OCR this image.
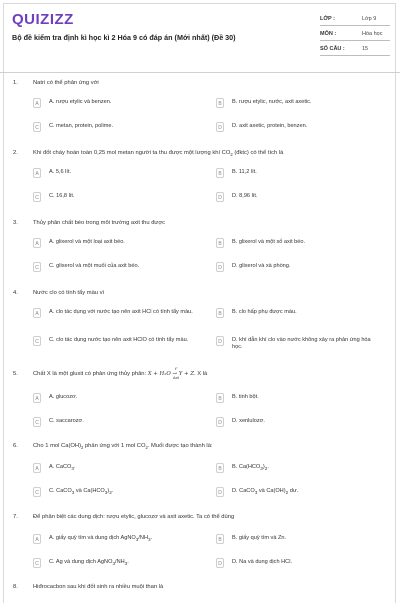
QUIZIZZ
Bộ đề kiểm tra định kì học kì 2 Hóa 9 có đáp án (Mới nhất) (Đề 30)
LỚP :	Lớp 9
MÔN :	Hóa học
SỐ CÂU :	15
1.	Natri có thể phản ứng với
A	A. rượu etylic và benzen.	B	B. rượu etylic, nước, axit axetic.
C	C. metan, protein, polime.	D	D. axit axetic, protein, benzen.
2.	Khi đốt cháy hoàn toàn 0,25 mol metan người ta thu được một lượng khí $CO_2$ (đktc) có thể tích là
A	A. 5,6 lít.	B	B. 11,2 lít.
C	C. 16,8 lít.	D	D. 8,96 lít.
3.	Thủy phân chất béo trong môi trường axit thu được
A	A. glixerol và một loại axit béo.	B	B. glixerol và một số axit béo.
C	C. glixerol và một muối của axit béo.	D	D. glixerol và xà phòng.
4.	Nước clo có tính tẩy màu vì
A	A. clo tác dụng với nước tạo nên axit HCl có tính tẩy màu.	B	B. clo hấp phụ được màu.
C	C. clo tác dụng nước tạo nên axit HClO có tính tẩy màu.	D	D. khí dẫn khí clo vào nước không xảy ra phản ứng hóa học.
5.	Chất X là một gluxit có phản ứng thủy phân: X + H₂O → Y + Z
t°
Axit
. X là
A	A. glucozơ.	B	B. tinh bột.
C	C. saccarozơ.	D	D. xenlulozơ.
6.	Cho 1 mol $Ca(OH)_2$ phản ứng với 1 mol $CO_2$. Muối được tạo thành là:
A	A. CaCO$_3$.	B	B. $Ca(HCO_3)_2$.
C	C. CaCO$_3$ và $Ca(HCO_3)_2$.	D	D. CaCO$_3$ và $Ca(OH)_2$ dư.
7.	Để phân biệt các dung dịch: rượu etylic, glucozơ và axit axetic. Ta có thể dùng
A	A. giấy quỳ tím và dung dịch $AgNO_3/NH_3$.	B	B. giấy quỳ tím và Zn.
C	C. Ag và dung dịch $AgNO_3/NH_3$.	D	D. Na và dung dịch HCl.
8.	Hiđrocacbon sau khi đốt sinh ra nhiều muội than là
